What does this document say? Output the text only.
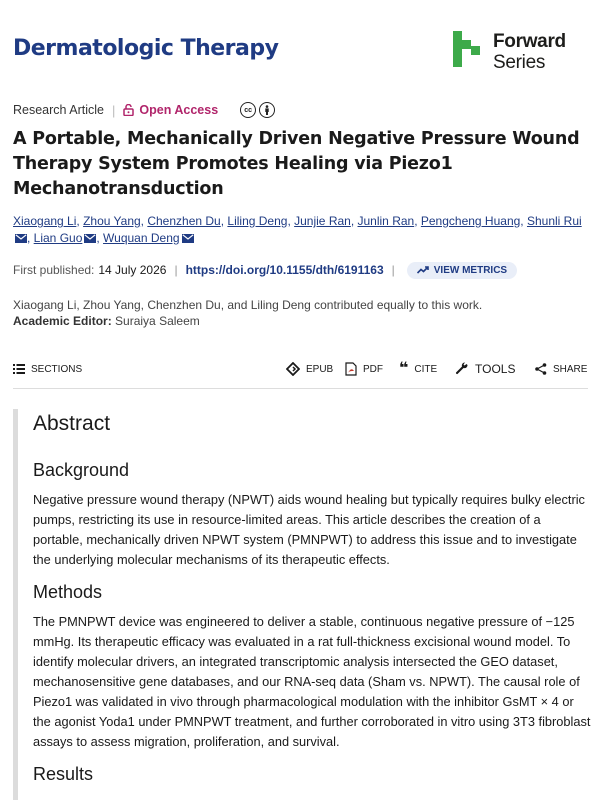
Dermatologic Therapy	Forward
Series
Research Article | Open Access	cc
A Portable, Mechanically Driven Negative Pressure Wound Therapy System Promotes Healing via Piezo1 Mechanotransduction
Xiaogang Li, Zhou Yang, Chenzhen Du, Liling Deng, Junjie Ran, Junlin Ran, Pengcheng Huang, Shunli Rui, Lian Guo , Wuquan Deng
First published: 14 July 2026 | https://doi.org/10.1155/dth/6191163 |	VIEW METRICS
Xiaogang Li, Zhou Yang, Chenzhen Du, and Liling Deng contributed equally to this work.
Academic Editor: Suraiya Saleem
SECTIONS	EPUB	PDF ❝ CITE	TOOLS	SHARE
Abstract
Background

Negative pressure wound therapy (NPWT) aids wound healing but typically requires bulky electric pumps, restricting its use in resource-limited areas. This article describes the creation of a portable, mechanically driven NPWT system (PMNPWT) to address this issue and to investigate the underlying molecular mechanisms of its therapeutic effects.

Methods

The PMNPWT device was engineered to deliver a stable, continuous negative pressure of −125 mmHg. Its therapeutic efficacy was evaluated in a rat full-thickness excisional wound model. To identify molecular drivers, an integrated transcriptomic analysis intersected the GEO dataset, mechanosensitive gene databases, and our RNA-seq data (Sham vs. NPWT). The causal role of Piezo1 was validated in vivo through pharmacological modulation with the inhibitor GsMT × 4 or the agonist Yoda1 under PMNPWT treatment, and further corroborated in vitro using 3T3 fibroblast assays to assess migration, proliferation, and survival.

Results
